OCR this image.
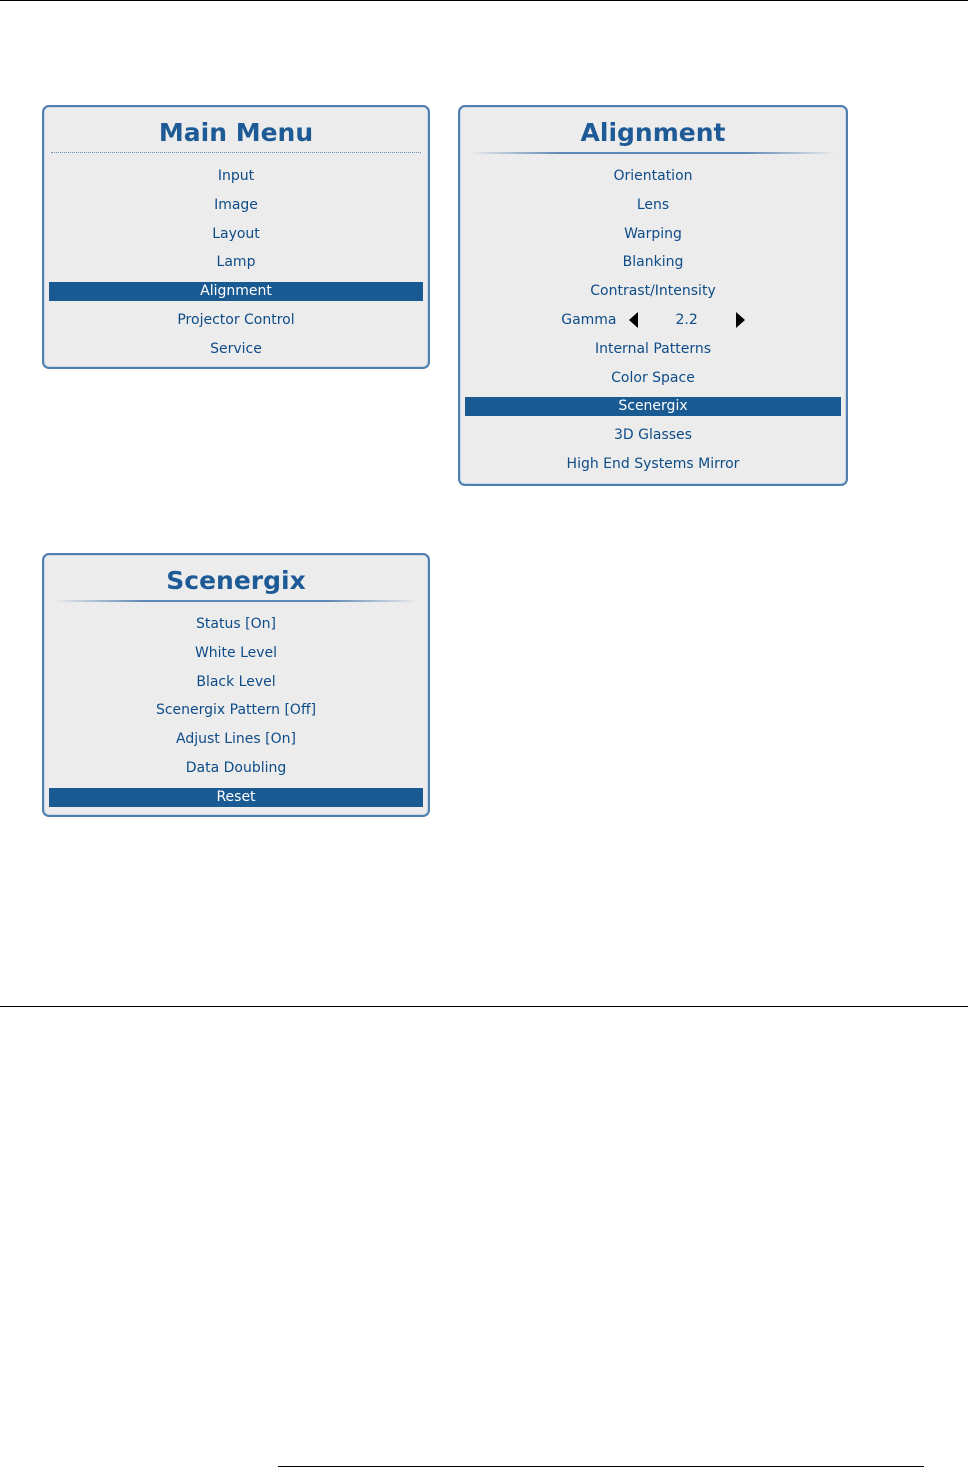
Main Menu
Input
Image
Layout
Lamp
Alignment
Projector Control
Service
Alignment
Orientation
Lens
Warping
Blanking
Contrast/Intensity
Gamma	2.2
Internal Patterns
Color Space
Scenergix
3D Glasses
High End Systems Mirror
Scenergix
Status [On]
White Level
Black Level
Scenergix Pattern [Off]
Adjust Lines [On]
Data Doubling
Reset
